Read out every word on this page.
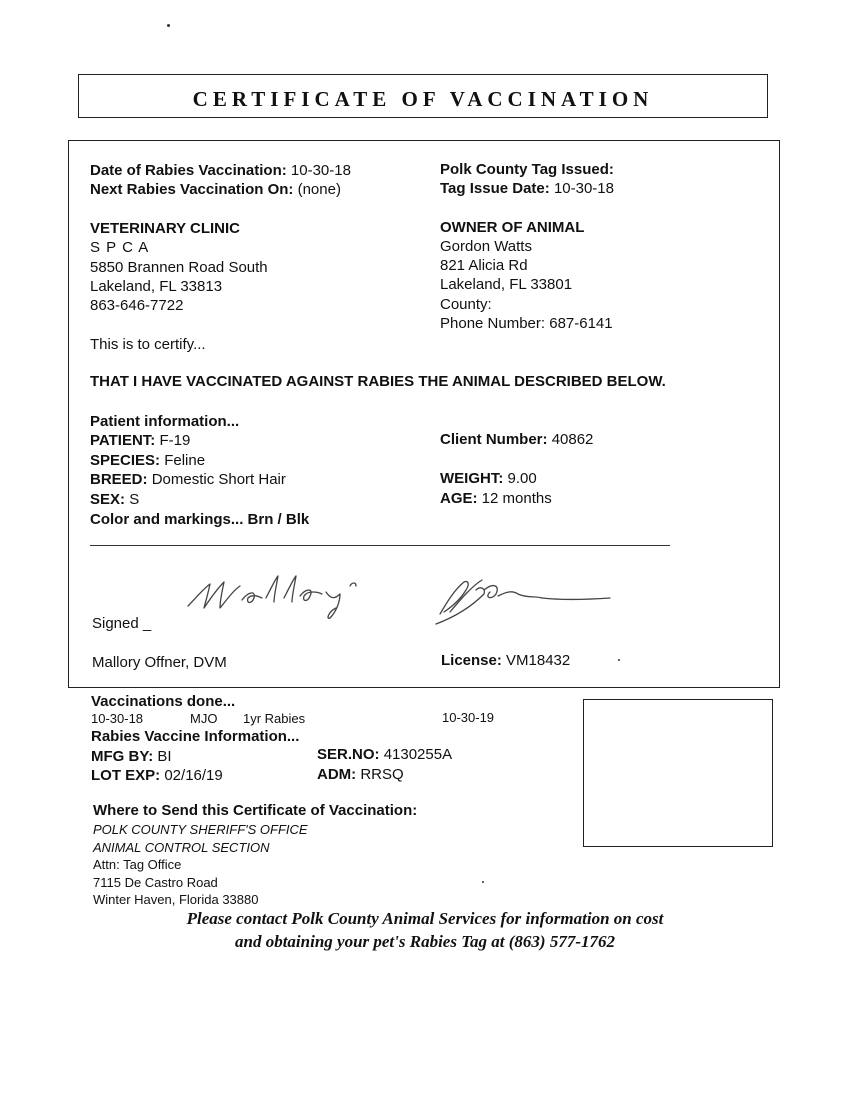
CERTIFICATE OF VACCINATION
Date of Rabies Vaccination: 10-30-18
Next Rabies Vaccination On: (none)
Polk County Tag Issued:
Tag Issue Date: 10-30-18
VETERINARY CLINIC
S P C A
5850 Brannen Road South
Lakeland, FL 33813
863-646-7722
OWNER OF ANIMAL
Gordon Watts
821 Alicia Rd
Lakeland, FL 33801
County:
Phone Number: 687-6141
This is to certify...
THAT I HAVE VACCINATED AGAINST RABIES THE ANIMAL DESCRIBED BELOW.
Patient information...
PATIENT: F-19
SPECIES: Feline
BREED: Domestic Short Hair
SEX: S
Color and markings... Brn / Blk
Client Number: 40862
WEIGHT: 9.00
AGE: 12 months
Signed _
Mallory Offner, DVM	License: VM18432
Vaccinations done...
10-30-18	MJO 1yr Rabies	10-30-19
Rabies Vaccine Information...
MFG BY: BI	SER.NO: 4130255A
LOT EXP: 02/16/19	ADM: RRSQ
Where to Send this Certificate of Vaccination:
POLK COUNTY SHERIFF'S OFFICE
ANIMAL CONTROL SECTION
Attn: Tag Office
7115 De Castro Road
Winter Haven, Florida 33880
Please contact Polk County Animal Services for information on cost
and obtaining your pet's Rabies Tag at (863) 577-1762
